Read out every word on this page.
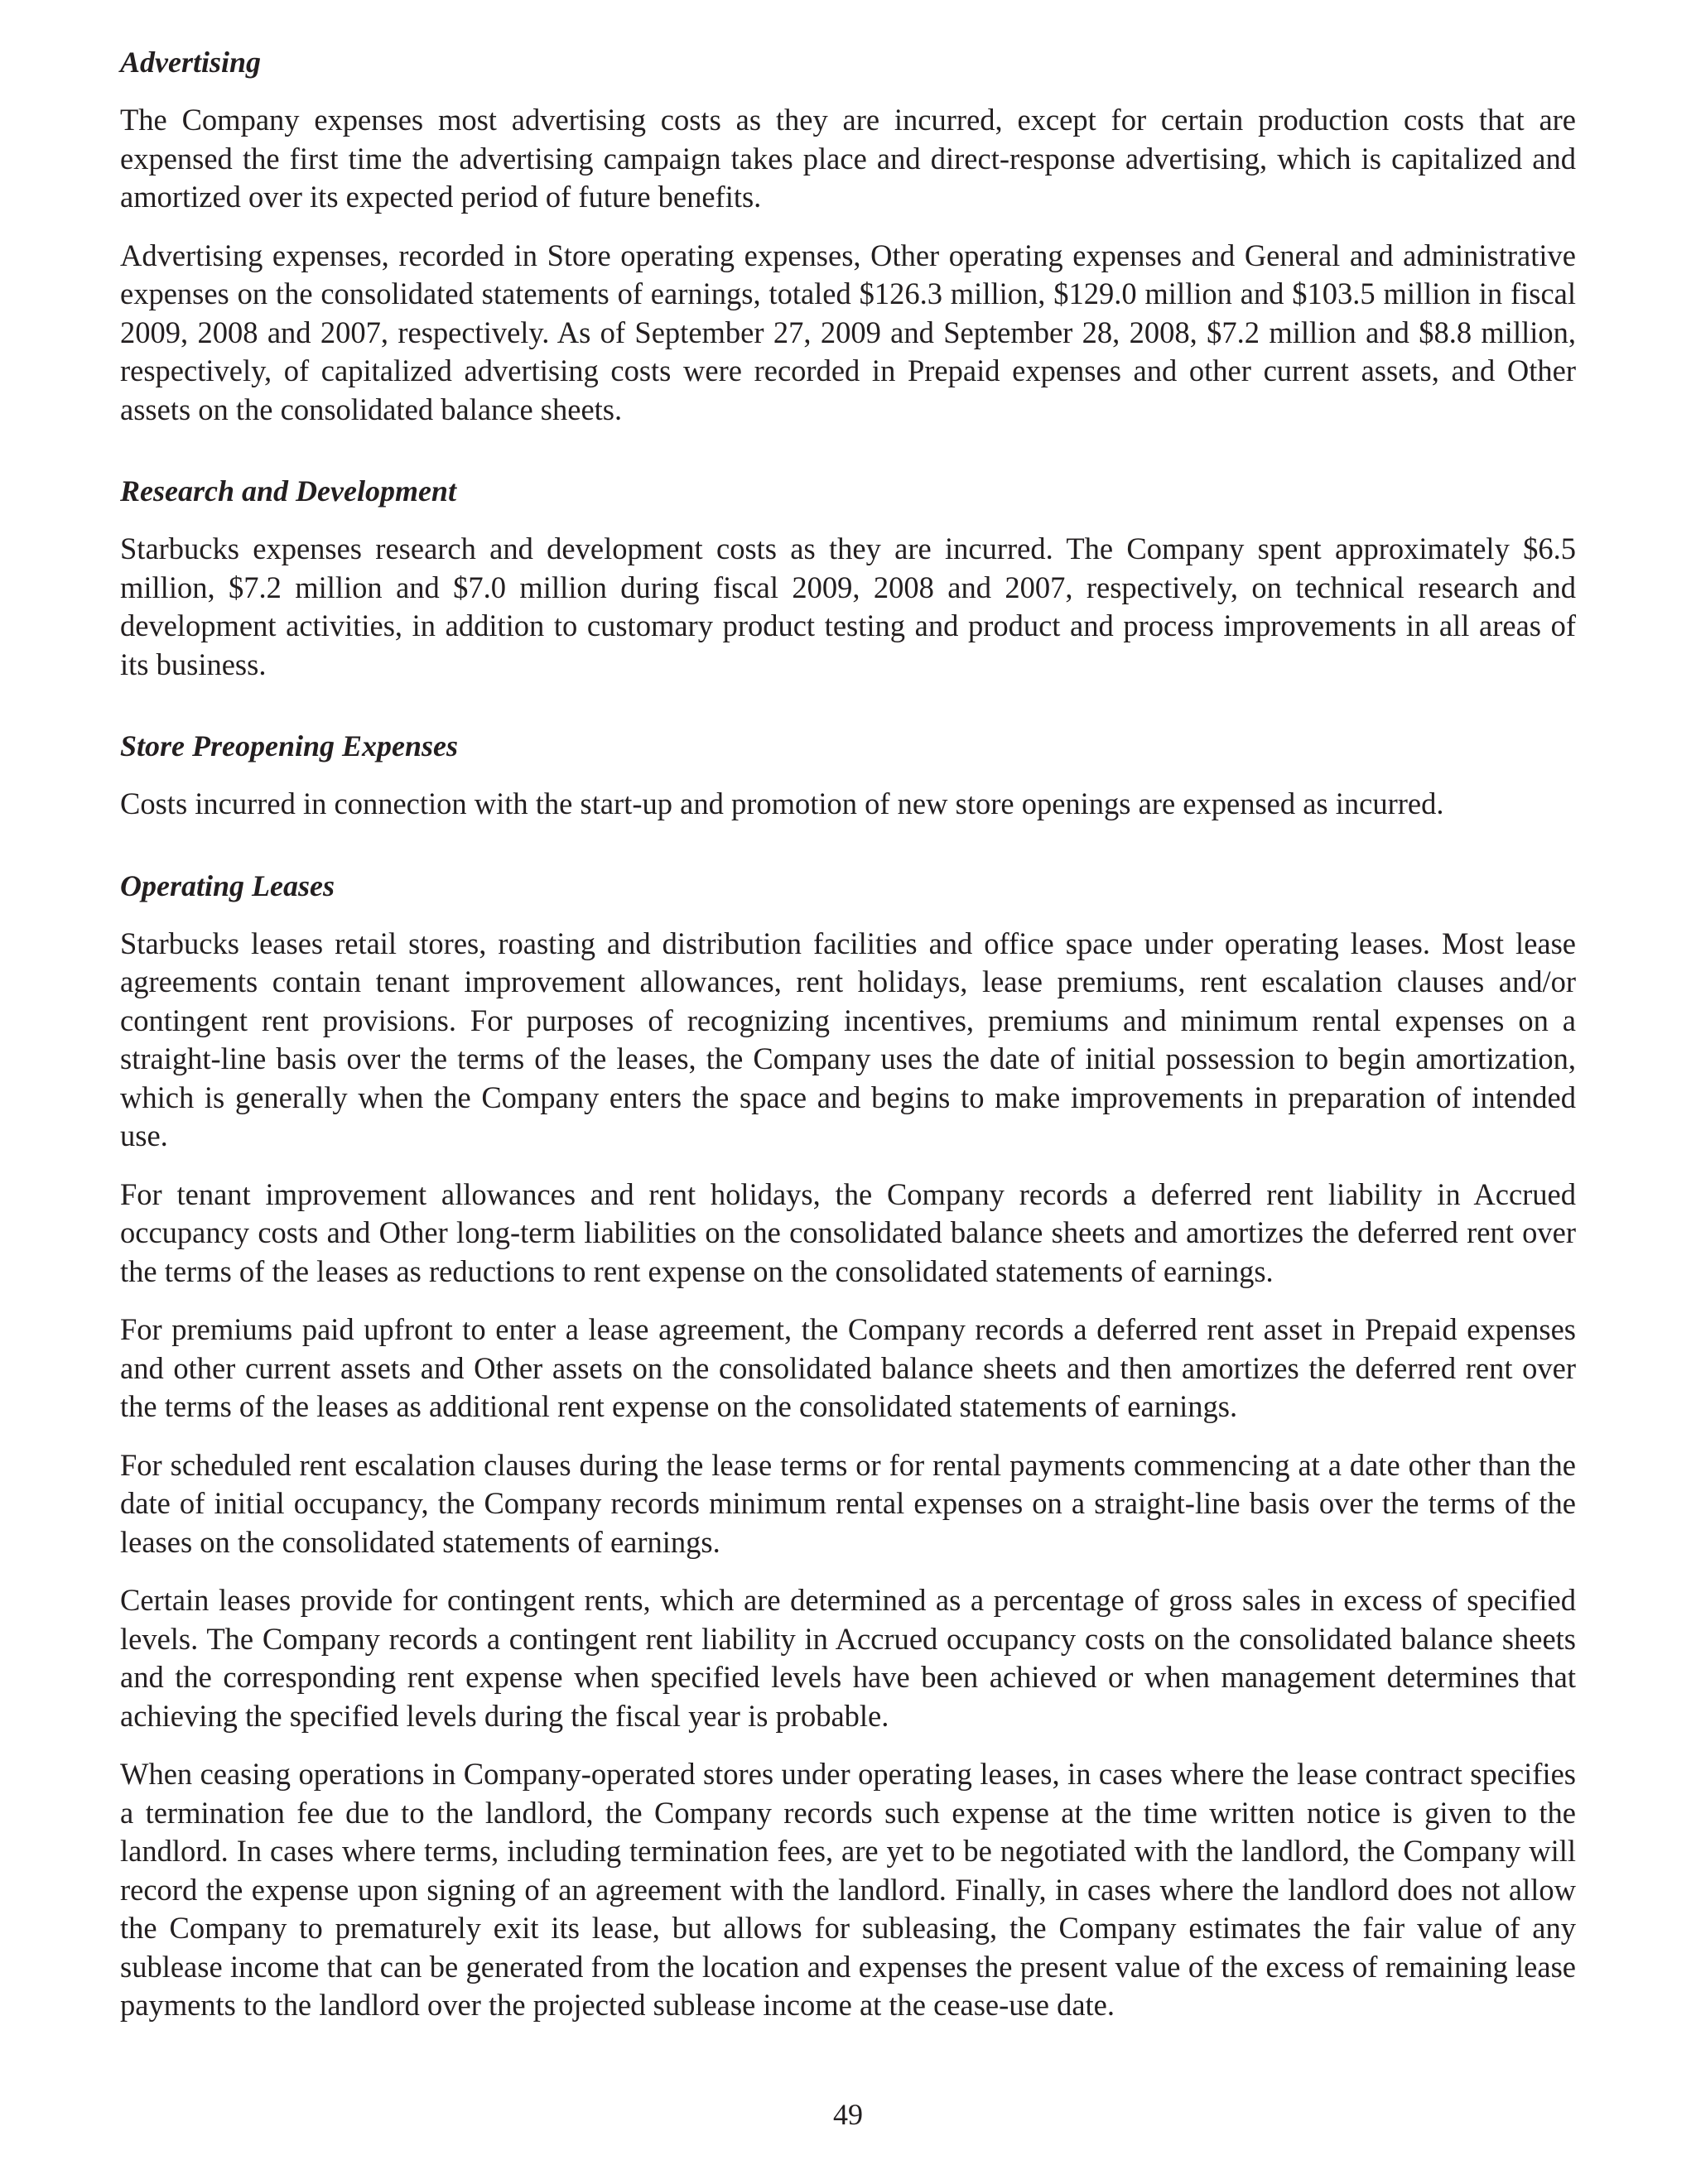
Advertising

The Company expenses most advertising costs as they are incurred, except for certain production costs that are expensed the first time the advertising campaign takes place and direct-response advertising, which is capitalized and amortized over its expected period of future benefits.

Advertising expenses, recorded in Store operating expenses, Other operating expenses and General and administrative expenses on the consolidated statements of earnings, totaled $126.3 million, $129.0 million and $103.5 million in fiscal 2009, 2008 and 2007, respectively. As of September 27, 2009 and September 28, 2008, $7.2 million and $8.8 million, respectively, of capitalized advertising costs were recorded in Prepaid expenses and other current assets, and Other assets on the consolidated balance sheets.

Research and Development

Starbucks expenses research and development costs as they are incurred. The Company spent approximately $6.5 million, $7.2 million and $7.0 million during fiscal 2009, 2008 and 2007, respectively, on technical research and development activities, in addition to customary product testing and product and process improvements in all areas of its business.

Store Preopening Expenses

Costs incurred in connection with the start-up and promotion of new store openings are expensed as incurred.

Operating Leases

Starbucks leases retail stores, roasting and distribution facilities and office space under operating leases. Most lease agreements contain tenant improvement allowances, rent holidays, lease premiums, rent escalation clauses and/or contingent rent provisions. For purposes of recognizing incentives, premiums and minimum rental expenses on a straight-line basis over the terms of the leases, the Company uses the date of initial possession to begin amortization, which is generally when the Company enters the space and begins to make improvements in preparation of intended use.

For tenant improvement allowances and rent holidays, the Company records a deferred rent liability in Accrued occupancy costs and Other long-term liabilities on the consolidated balance sheets and amortizes the deferred rent over the terms of the leases as reductions to rent expense on the consolidated statements of earnings.

For premiums paid upfront to enter a lease agreement, the Company records a deferred rent asset in Prepaid expenses and other current assets and Other assets on the consolidated balance sheets and then amortizes the deferred rent over the terms of the leases as additional rent expense on the consolidated statements of earnings.

For scheduled rent escalation clauses during the lease terms or for rental payments commencing at a date other than the date of initial occupancy, the Company records minimum rental expenses on a straight-line basis over the terms of the leases on the consolidated statements of earnings.

Certain leases provide for contingent rents, which are determined as a percentage of gross sales in excess of specified levels. The Company records a contingent rent liability in Accrued occupancy costs on the consolidated balance sheets and the corresponding rent expense when specified levels have been achieved or when management determines that achieving the specified levels during the fiscal year is probable.

When ceasing operations in Company-operated stores under operating leases, in cases where the lease contract specifies a termination fee due to the landlord, the Company records such expense at the time written notice is given to the landlord. In cases where terms, including termination fees, are yet to be negotiated with the landlord, the Company will record the expense upon signing of an agreement with the landlord. Finally, in cases where the landlord does not allow the Company to prematurely exit its lease, but allows for subleasing, the Company estimates the fair value of any sublease income that can be generated from the location and expenses the present value of the excess of remaining lease payments to the landlord over the projected sublease income at the cease-use date.

49
